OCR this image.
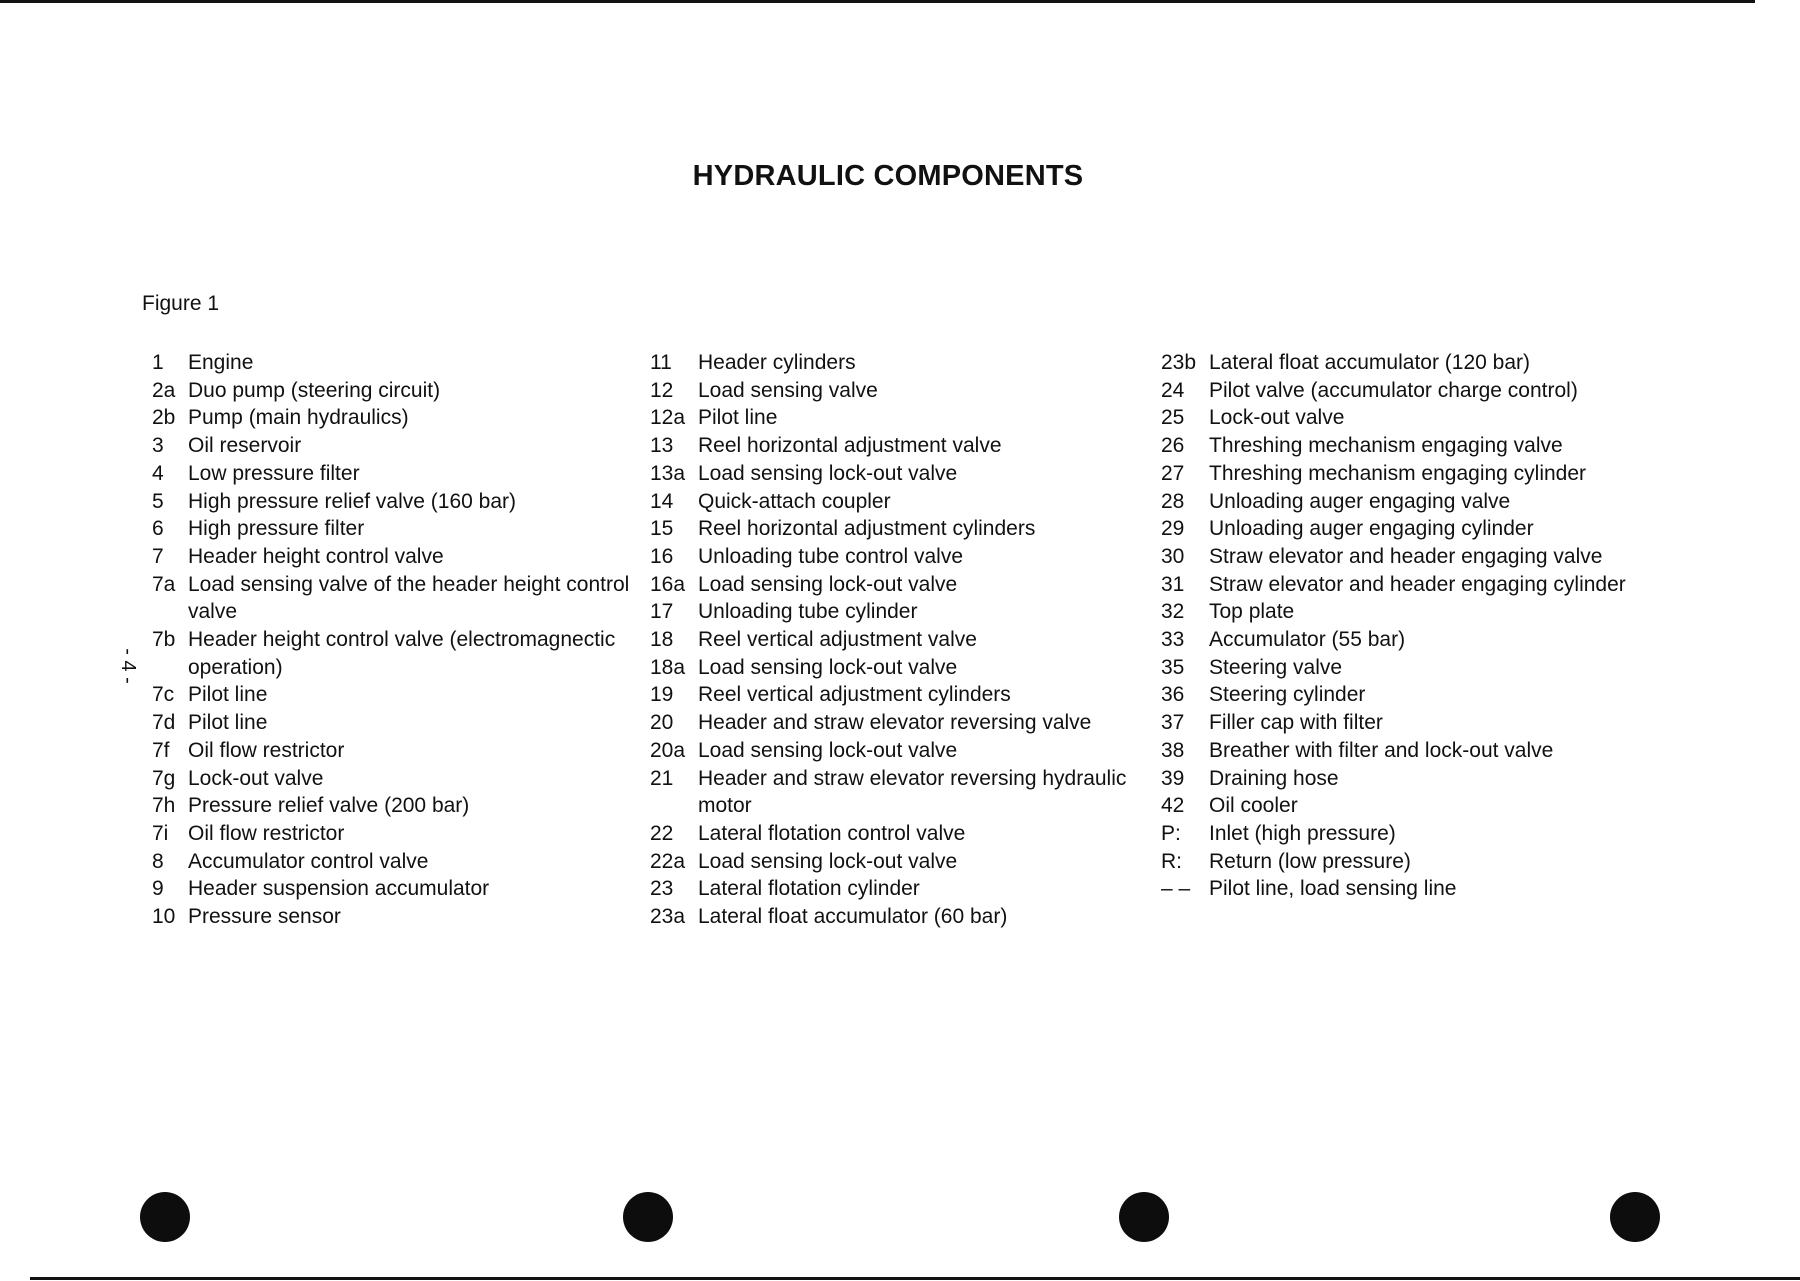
HYDRAULIC COMPONENTS
Figure 1
- 4 -
1	Engine
2a Duo pump (steering circuit)
2b Pump (main hydraulics)
3	Oil reservoir
4	Low pressure filter
5	High pressure relief valve (160 bar)
6	High pressure filter
7	Header height control valve
7a Load sensing valve of the header height control valve
7b Header height control valve (electromagnectic operation)
7c Pilot line
7d Pilot line
7f Oil flow restrictor
7g Lock-out valve
7h Pressure relief valve (200 bar)
7i Oil flow restrictor
8	Accumulator control valve
9	Header suspension accumulator
10 Pressure sensor
11	Header cylinders
12	Load sensing valve
12a Pilot line
13	Reel horizontal adjustment valve
13a Load sensing lock-out valve
14	Quick-attach coupler
15	Reel horizontal adjustment cylinders
16	Unloading tube control valve
16a Load sensing lock-out valve
17	Unloading tube cylinder
18	Reel vertical adjustment valve
18a Load sensing lock-out valve
19	Reel vertical adjustment cylinders
20	Header and straw elevator reversing valve
20a Load sensing lock-out valve
21	Header and straw elevator reversing hydraulic motor
22	Lateral flotation control valve
22a Load sensing lock-out valve
23	Lateral flotation cylinder
23a Lateral float accumulator (60 bar)
23b Lateral float accumulator (120 bar)
24	Pilot valve (accumulator charge control)
25	Lock-out valve
26	Threshing mechanism engaging valve
27	Threshing mechanism engaging cylinder
28	Unloading auger engaging valve
29	Unloading auger engaging cylinder
30	Straw elevator and header engaging valve
31	Straw elevator and header engaging cylinder
32	Top plate
33	Accumulator (55 bar)
35	Steering valve
36	Steering cylinder
37	Filler cap with filter
38	Breather with filter and lock-out valve
39	Draining hose
42	Oil cooler
P:	Inlet (high pressure)
R:	Return (low pressure)
– – Pilot line, load sensing line
